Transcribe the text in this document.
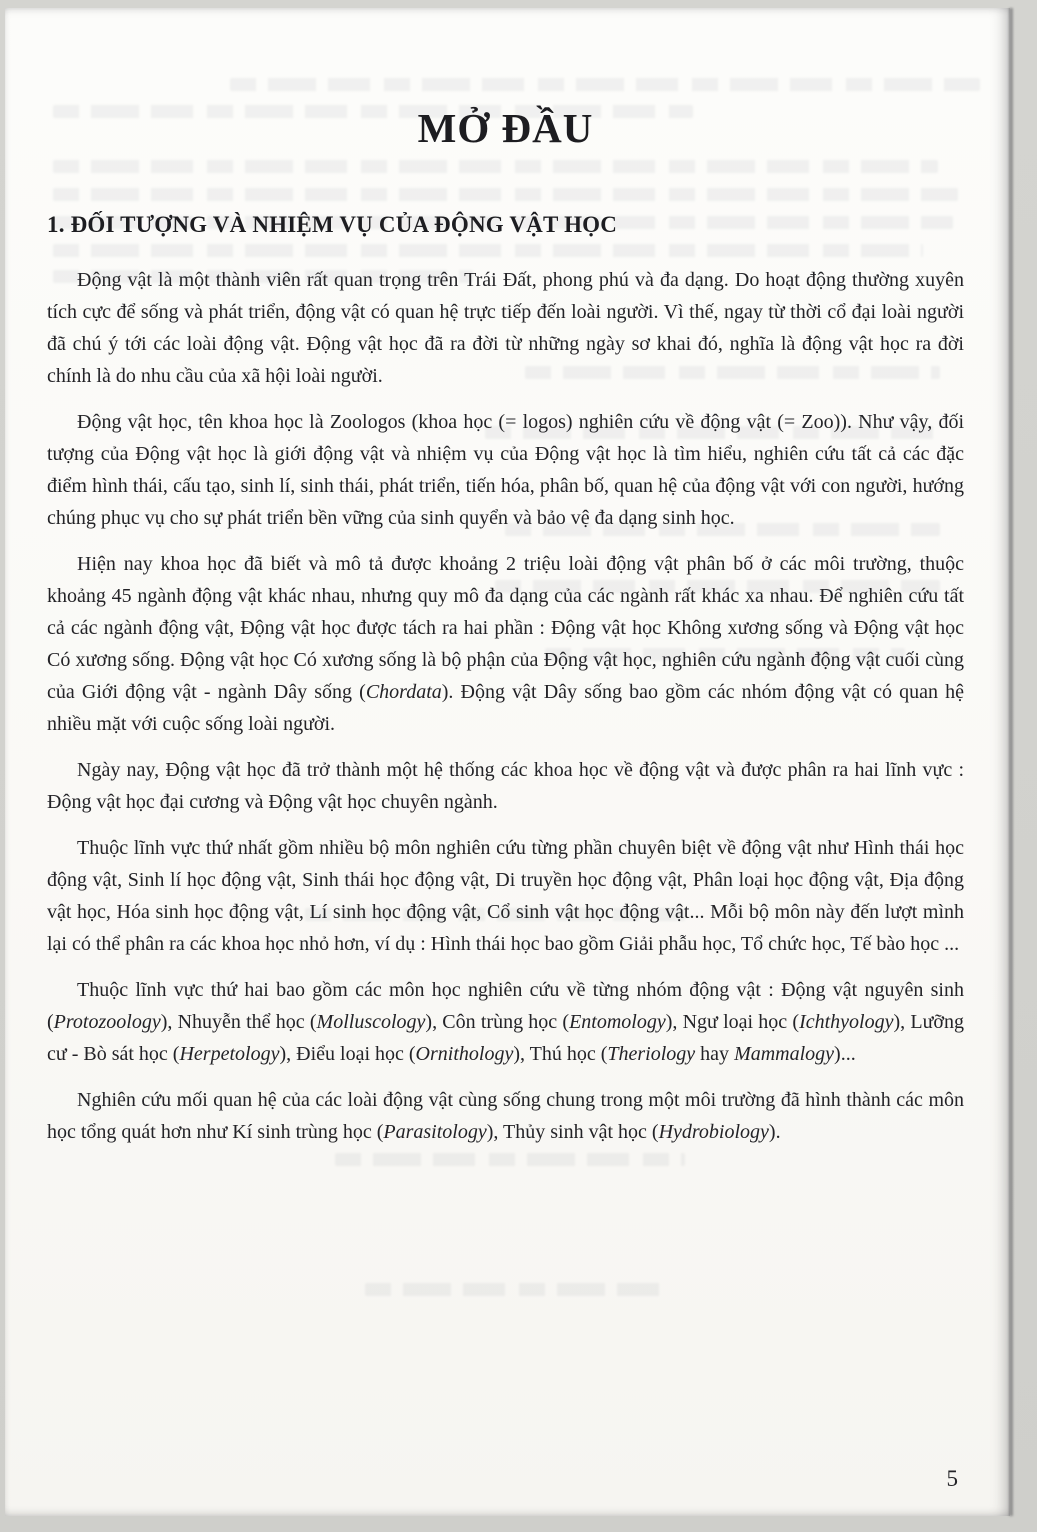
MỞ ĐẦU
1. ĐỐI TƯỢNG VÀ NHIỆM VỤ CỦA ĐỘNG VẬT HỌC

Động vật là một thành viên rất quan trọng trên Trái Đất, phong phú và đa dạng. Do hoạt động thường xuyên tích cực để sống và phát triển, động vật có quan hệ trực tiếp đến loài người. Vì thế, ngay từ thời cổ đại loài người đã chú ý tới các loài động vật. Động vật học đã ra đời từ những ngày sơ khai đó, nghĩa là động vật học ra đời chính là do nhu cầu của xã hội loài người.

Động vật học, tên khoa học là Zoologos (khoa học (= logos) nghiên cứu về động vật (= Zoo)). Như vậy, đối tượng của Động vật học là giới động vật và nhiệm vụ của Động vật học là tìm hiểu, nghiên cứu tất cả các đặc điểm hình thái, cấu tạo, sinh lí, sinh thái, phát triển, tiến hóa, phân bố, quan hệ của động vật với con người, hướng chúng phục vụ cho sự phát triển bền vững của sinh quyển và bảo vệ đa dạng sinh học.

Hiện nay khoa học đã biết và mô tả được khoảng 2 triệu loài động vật phân bố ở các môi trường, thuộc khoảng 45 ngành động vật khác nhau, nhưng quy mô đa dạng của các ngành rất khác xa nhau. Để nghiên cứu tất cả các ngành động vật, Động vật học được tách ra hai phần : Động vật học Không xương sống và Động vật học Có xương sống. Động vật học Có xương sống là bộ phận của Động vật học, nghiên cứu ngành động vật cuối cùng của Giới động vật - ngành Dây sống (Chordata). Động vật Dây sống bao gồm các nhóm động vật có quan hệ nhiều mặt với cuộc sống loài người.

Ngày nay, Động vật học đã trở thành một hệ thống các khoa học về động vật và được phân ra hai lĩnh vực : Động vật học đại cương và Động vật học chuyên ngành.

Thuộc lĩnh vực thứ nhất gồm nhiều bộ môn nghiên cứu từng phần chuyên biệt về động vật như Hình thái học động vật, Sinh lí học động vật, Sinh thái học động vật, Di truyền học động vật, Phân loại học động vật, Địa động vật học, Hóa sinh học động vật, Lí sinh học động vật, Cổ sinh vật học động vật... Mỗi bộ môn này đến lượt mình lại có thể phân ra các khoa học nhỏ hơn, ví dụ : Hình thái học bao gồm Giải phẫu học, Tổ chức học, Tế bào học ...

Thuộc lĩnh vực thứ hai bao gồm các môn học nghiên cứu về từng nhóm động vật : Động vật nguyên sinh (Protozoology), Nhuyễn thể học (Molluscology), Côn trùng học (Entomology), Ngư loại học (Ichthyology), Lưỡng cư - Bò sát học (Herpetology), Điểu loại học (Ornithology), Thú học (Theriology hay Mammalogy)...

Nghiên cứu mối quan hệ của các loài động vật cùng sống chung trong một môi trường đã hình thành các môn học tổng quát hơn như Kí sinh trùng học (Parasitology), Thủy sinh vật học (Hydrobiology).

5
